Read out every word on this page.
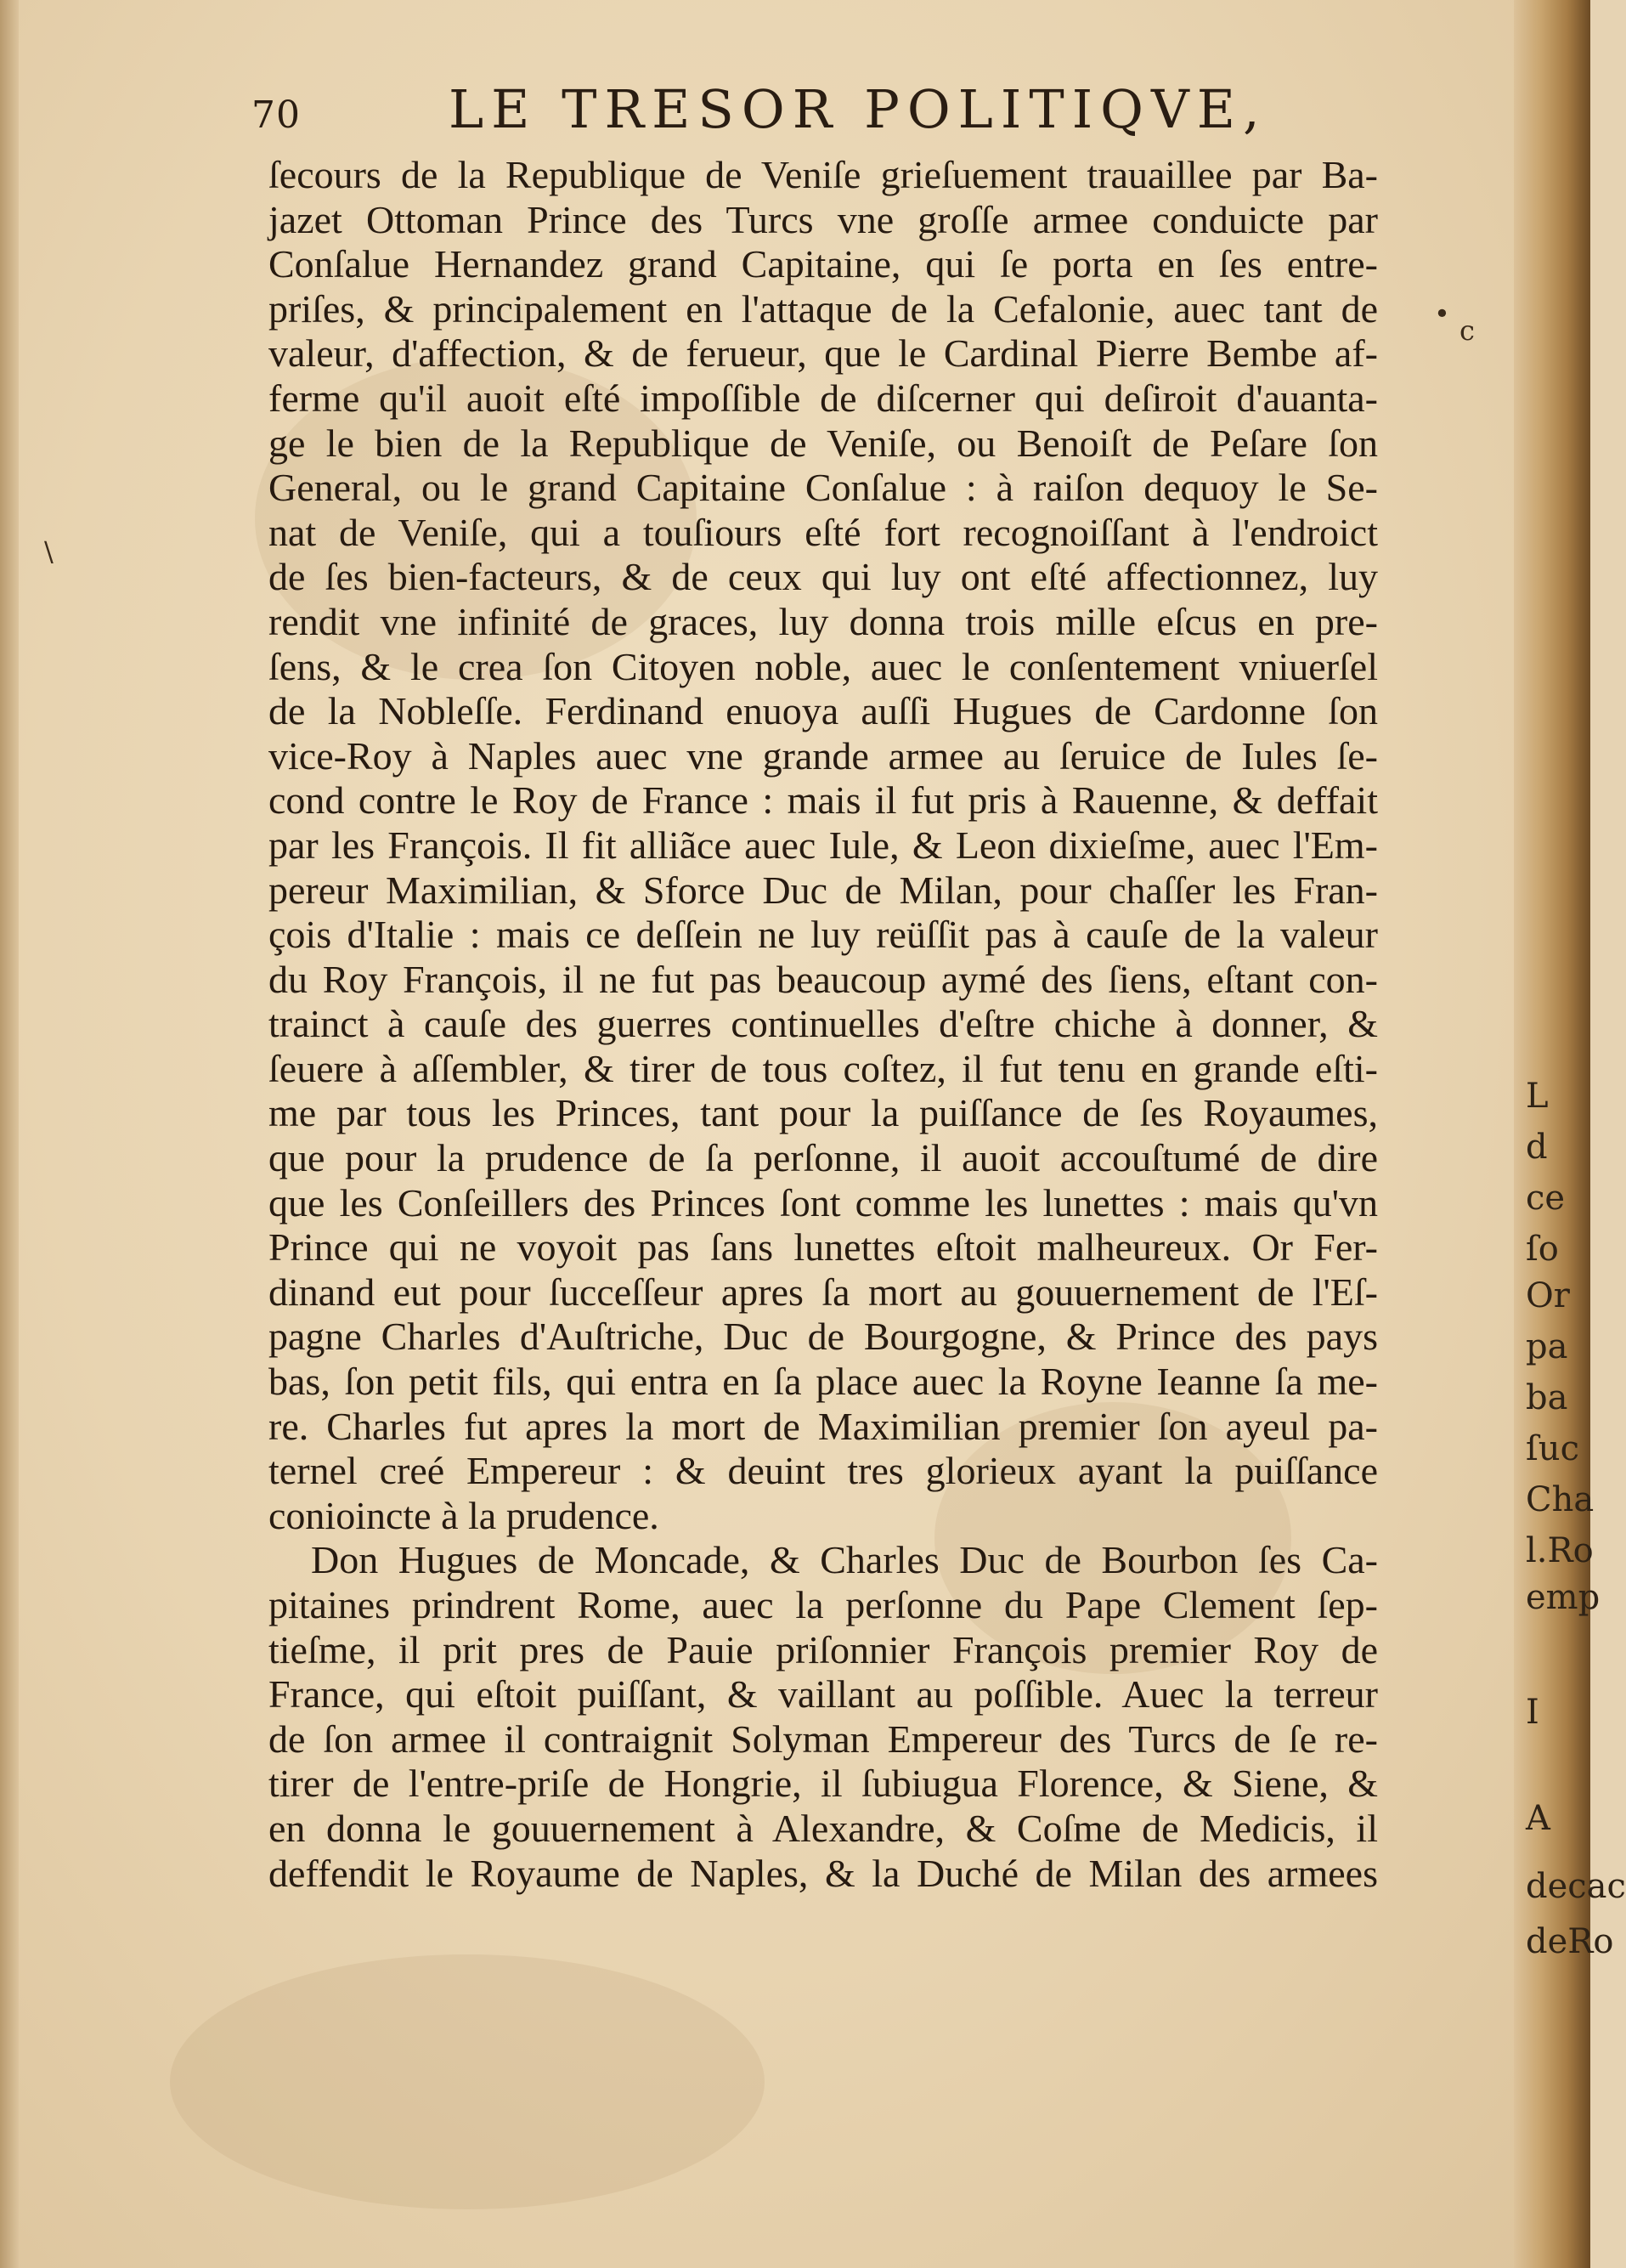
70	LE TRESOR POLITIQVE,
ſecours de la Republique de Veniſe grieſuement trauaillee par Ba-
jazet Ottoman Prince des Turcs vne groſſe armee conduicte par
Conſalue Hernandez grand Capitaine, qui ſe porta en ſes entre-
priſes, & principalement en l'attaque de la Cefalonie, auec tant de
valeur, d'affection, & de feruеur, que le Cardinal Pierre Bembe af-
ferme qu'il auoit eſté impoſſible de diſcerner qui deſiroit d'auanta-
ge le bien de la Republique de Veniſe, ou Benoiſt de Peſare ſon
General, ou le grand Capitaine Conſalue : à raiſon dequoy le Se-
nat de Veniſe, qui a touſiours eſté fort recognoiſſant à l'endroict
de ſes bien-facteurs, & de ceux qui luy ont eſté affectionnez, luy
rendit vne infinité de graces, luy donna trois mille eſcus en pre-
ſens, & le crea ſon Citoyen noble, auec le conſentement vniuerſel
de la Nobleſſe. Ferdinand enuoya auſſi Hugues de Cardonne ſon
vice-Roy à Naples auec vne grande armee au ſeruice de Iules ſe-
cond contre le Roy de France : mais il fut pris à Rauenne, & deffait
par les François. Il fit alliãce auec Iule, & Leon dixieſme, auec l'Em-
pereur Maximilian, & Sforce Duc de Milan, pour chaſſer les Fran-
çois d'Italie : mais ce deſſein ne luy reüſſit pas à cauſe de la valeur
du Roy François, il ne fut pas beaucoup aymé des ſiens, eſtant con-
trainct à cauſe des guerres continuelles d'eſtre chiche à donner, &
ſeuere à aſſembler, & tirer de tous coſtez, il fut tenu en grande eſti-
me par tous les Princes, tant pour la puiſſance de ſes Royaumes,
que pour la prudence de ſa perſonne, il auoit accouſtumé de dire
que les Conſeillers des Princes ſont comme les lunettes : mais qu'vn
Prince qui ne voyoit pas ſans lunettes eſtoit malheureux. Or Fer-
dinand eut pour ſucceſſeur apres ſa mort au gouuernement de l'Eſ-
pagne Charles d'Auſtriche, Duc de Bourgogne, & Prince des pays
bas, ſon petit fils, qui entra en ſa place auec la Royne Ieanne ſa me-
re. Charles fut apres la mort de Maximilian premier ſon ayeul pa-
ternel creé Empereur : & deuint tres glorieux ayant la puiſſance
conioincte à la prudence.
Don Hugues de Moncade, & Charles Duc de Bourbon ſes Ca-
pitaines prindrent Rome, auec la perſonne du Pape Clement ſep-
tieſme, il prit pres de Pauie priſonnier François premier Roy de
France, qui eſtoit puiſſant, & vaillant au poſſible. Auec la terreur
de ſon armee il contraignit Solyman Empereur des Turcs de ſe re-
tirer de l'entre-priſe de Hongrie, il ſubiugua Florence, & Siene, &
en donna le gouuernement à Alexandre, & Coſme de Medicis, il
deffendit le Royaume de Naples, & la Duché de Milan des armees
•
c
\
L
d
ce
ſo
Or
pa
ba
ſuc
Cha
l.Ro
emp
I
A
decac
deRo
